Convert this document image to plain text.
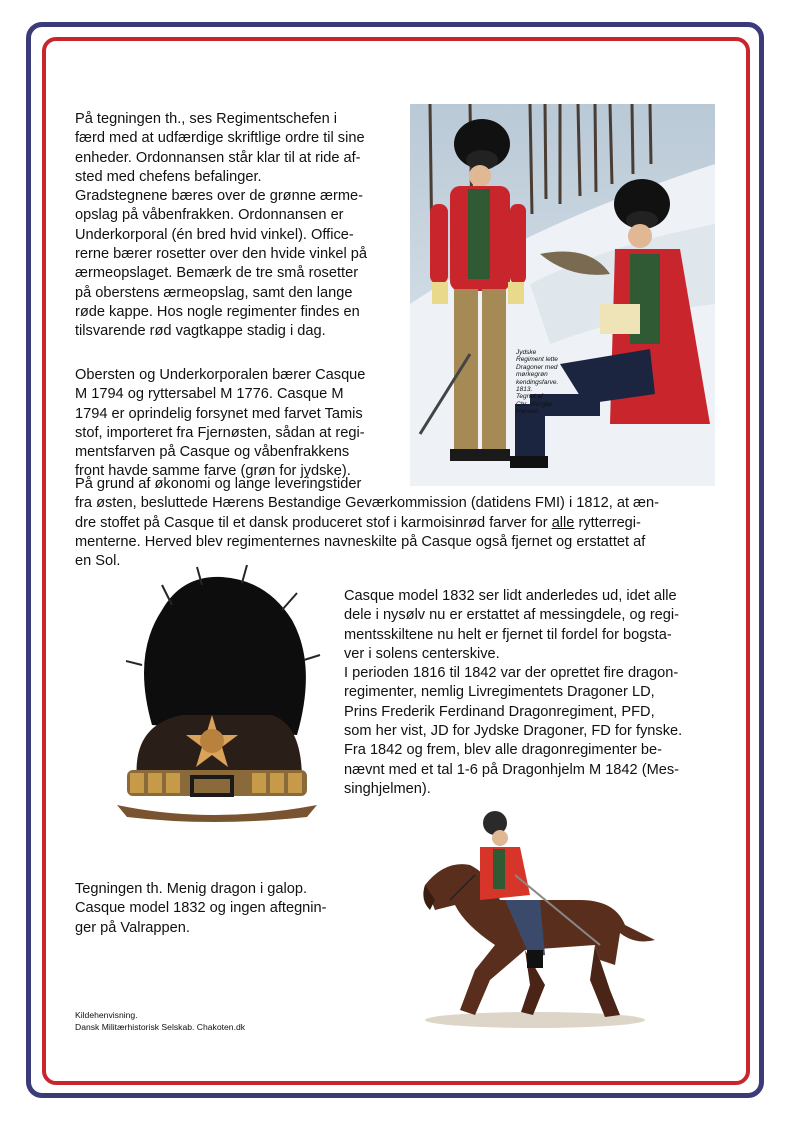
På tegningen th., ses Regimentschefen i
færd med at udfærdige skriftlige ordre til sine
enheder. Ordonnansen står klar til at ride af-
sted med chefens befalinger.
Gradstegnene bæres over de grønne ærme-
opslag på våbenfrakken. Ordonnansen er
Underkorporal (én bred hvid vinkel). Office-
rerne bærer rosetter over den hvide vinkel på
ærmeopslaget. Bemærk de tre små rosetter
på oberstens ærmeopslag, samt den lange
røde kappe. Hos nogle regimenter findes en
tilsvarende rød vagtkappe stadig i dag.
Obersten og Underkorporalen bærer Casque
M 1794 og ryttersabel M 1776. Casque M
1794 er oprindelig forsynet med farvet Tamis
stof, importeret fra Fjernøsten, sådan at regi-
mentsfarven på Casque og våbenfrakkens
front havde samme farve (grøn for jydske).
På grund af økonomi og lange leveringstider
fra østen, besluttede Hærens Bestandige Geværkommission (datidens FMI) i 1812, at æn-
dre stoffet på Casque til et dansk produceret stof i karmoisinrød farver for alle rytterregi-
menterne. Herved blev regimenternes navneskilte på Casque også fjernet og erstattet af
en Sol.
Casque model 1832 ser lidt anderledes ud, idet alle
dele i nysølv nu er erstattet af messingdele, og regi-
mentsskiltene nu helt er fjernet til fordel for bogsta-
ver i solens centerskive.
I perioden 1816 til 1842 var der oprettet fire dragon-
regimenter, nemlig Livregimentets Dragoner LD,
Prins Frederik Ferdinand Dragonregiment, PFD,
som her vist, JD for Jydske Dragoner, FD for fynske.
Fra 1842 og frem, blev alle dragonregimenter be-
nævnt med et tal 1-6 på Dragonhjelm M 1842 (Mes-
singhjelmen).
Tegningen th. Menig dragon i galop.
Casque model 1832 og ingen aftegnin-
ger på Valrappen.
Kildehenvisning.
Dansk Militærhistorisk Selskab. Chakoten.dk
Jydske
Regiment lette
Dragoner med
mørkegrøn
kendingsfarve.
1813.
Tegnet af
Chr. Würgler
Hansen.
